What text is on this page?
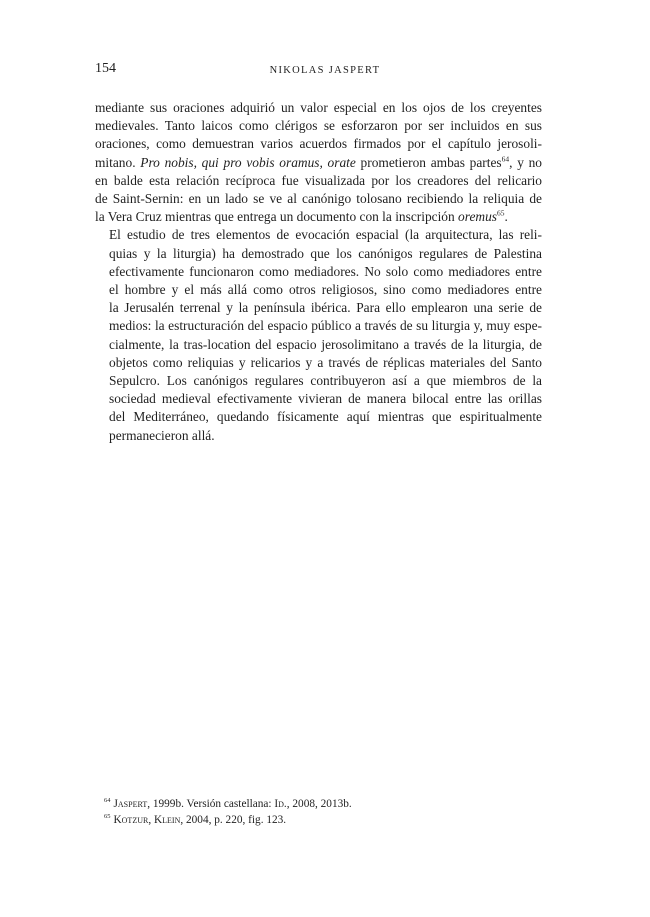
154	NIKOLAS JASPERT

mediante sus oraciones adquirió un valor especial en los ojos de los creyentes
medievales. Tanto laicos como clérigos se esforzaron por ser incluidos en sus
oraciones, como demuestran varios acuerdos firmados por el capítulo jerosoli-
mitano. Pro nobis, qui pro vobis oramus, orate prometieron ambas partes$^{64}$, y no
en balde esta relación recíproca fue visualizada por los creadores del relicario
de Saint-Sernin: en un lado se ve al canónigo tolosano recibiendo la reliquia de
la Vera Cruz mientras que entrega un documento con la inscripción oremus$^{65}$.

El estudio de tres elementos de evocación espacial (la arquitectura, las reli-
quias y la liturgia) ha demostrado que los canónigos regulares de Palestina
efectivamente funcionaron como mediadores. No solo como mediadores entre
el hombre y el más allá como otros religiosos, sino como mediadores entre
la Jerusalén terrenal y la península ibérica. Para ello emplearon una serie de
medios: la estructuración del espacio público a través de su liturgia y, muy espe-
cialmente, la tras-location del espacio jerosolimitano a través de la liturgia, de
objetos como reliquias y relicarios y a través de réplicas materiales del Santo
Sepulcro. Los canónigos regulares contribuyeron así a que miembros de la
sociedad medieval efectivamente vivieran de manera bilocal entre las orillas
del Mediterráneo, quedando físicamente aquí mientras que espiritualmente
permanecieron allá.

$^{64}$ Jaspert, 1999b. Versión castellana: Id., 2008, 2013b.
$^{65}$ Kotzur, Klein, 2004, p. 220, fig. 123.
